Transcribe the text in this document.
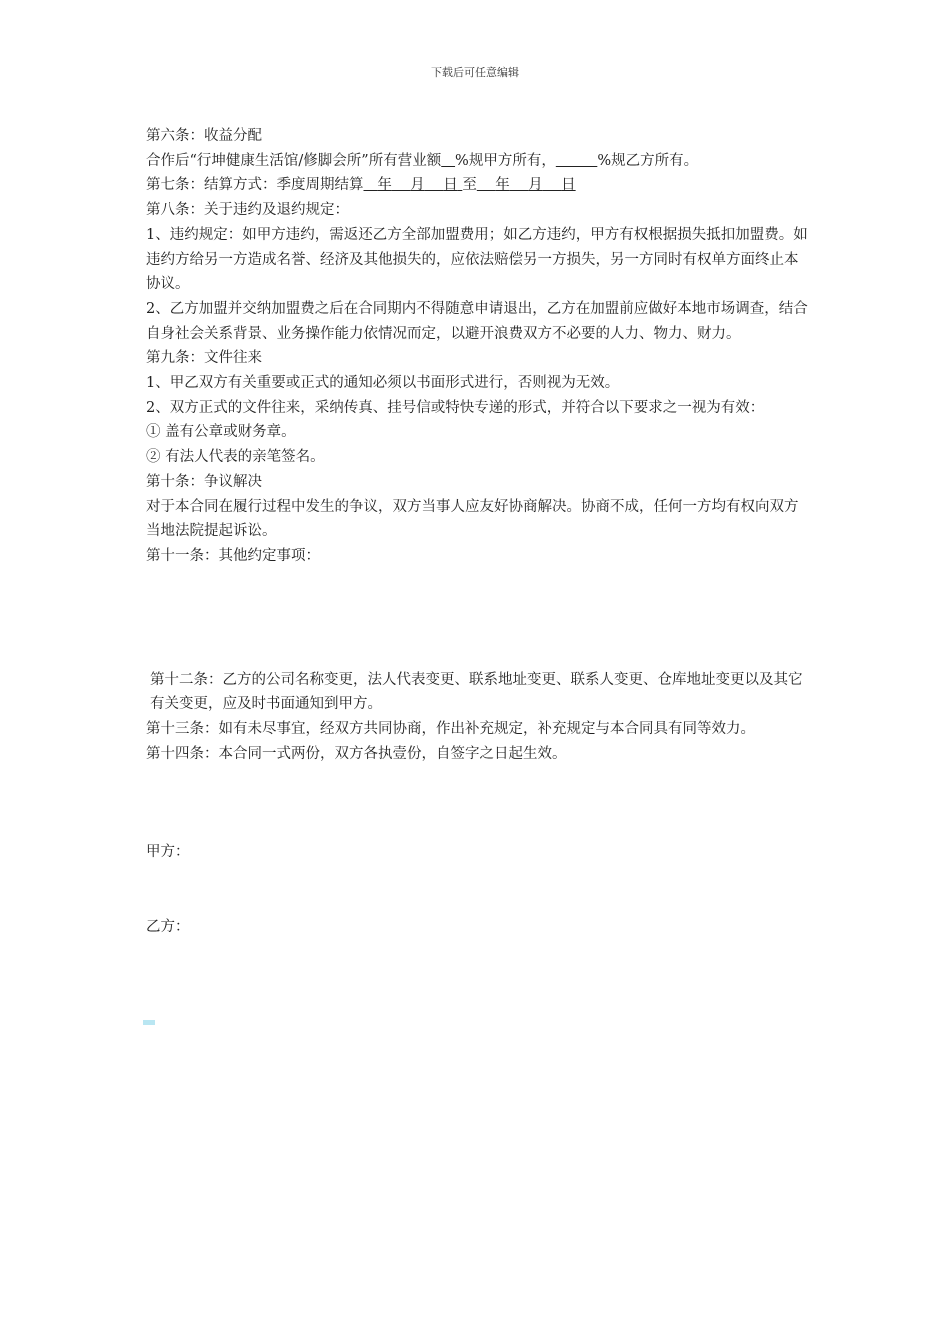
下载后可任意编辑

第六条：收益分配

合作后“行坤健康生活馆/修脚会所”所有营业额 %规甲方所有，	%规乙方所有。

第七条：结算方式：季度周期结算 年 月 日 至 年 月 日

第八条：关于违约及退约规定：

1、违约规定：如甲方违约，需返还乙方全部加盟费用；如乙方违约，甲方有权根据损失抵扣加盟费。如违约方给另一方造成名誉、经济及其他损失的，应依法赔偿另一方损失，另一方同时有权单方面终止本协议。

2、乙方加盟并交纳加盟费之后在合同期内不得随意申请退出，乙方在加盟前应做好本地市场调查，结合自身社会关系背景、业务操作能力依情况而定，以避开浪费双方不必要的人力、物力、财力。

第九条：文件往来

1、甲乙双方有关重要或正式的通知必须以书面形式进行，否则视为无效。

2、双方正式的文件往来，采纳传真、挂号信或特快专递的形式，并符合以下要求之一视为有效：

① 盖有公章或财务章。

② 有法人代表的亲笔签名。

第十条：争议解决

对于本合同在履行过程中发生的争议，双方当事人应友好协商解决。协商不成，任何一方均有权向双方当地法院提起诉讼。

第十一条：其他约定事项：

第十二条：乙方的公司名称变更，法人代表变更、联系地址变更、联系人变更、仓库地址变更以及其它有关变更，应及时书面通知到甲方。

第十三条：如有未尽事宜，经双方共同协商，作出补充规定，补充规定与本合同具有同等效力。

第十四条：本合同一式两份，双方各执壹份，自签字之日起生效。

甲方：

乙方：
